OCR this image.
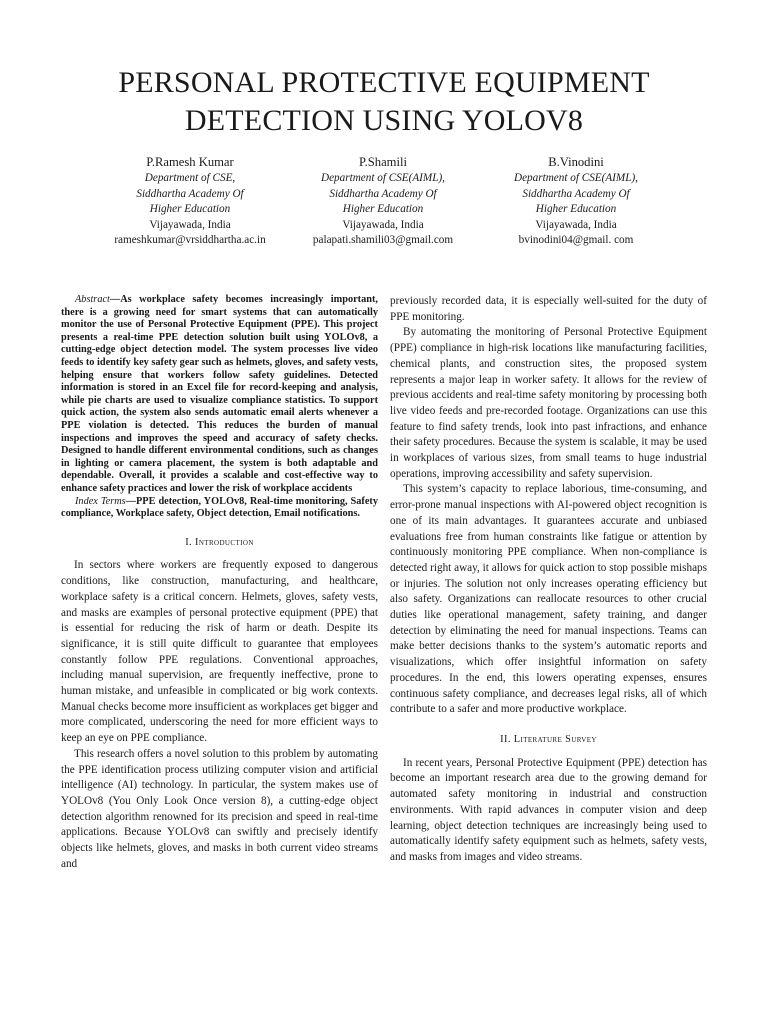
PERSONAL PROTECTIVE EQUIPMENT
DETECTION USING YOLOV8
P.Ramesh Kumar
Department of CSE,
Siddhartha Academy Of
Higher Education
Vijayawada, India
rameshkumar@vrsiddhartha.ac.in
P.Shamili
Department of CSE(AIML),
Siddhartha Academy Of
Higher Education
Vijayawada, India
palapati.shamili03@gmail.com
B.Vinodini
Department of CSE(AIML),
Siddhartha Academy Of
Higher Education
Vijayawada, India
bvinodini04@gmail. com

Abstract—As workplace safety becomes increasingly important, there is a growing need for smart systems that can automatically monitor the use of Personal Protective Equipment (PPE). This project presents a real-time PPE detection solution built using YOLOv8, a cutting-edge object detection model. The system processes live video feeds to identify key safety gear such as helmets, gloves, and safety vests, helping ensure that workers follow safety guidelines. Detected information is stored in an Excel file for record-keeping and analysis, while pie charts are used to visualize compliance statistics. To support quick action, the system also sends automatic email alerts whenever a PPE violation is detected. This reduces the burden of manual inspections and improves the speed and accuracy of safety checks. Designed to handle different environmental conditions, such as changes in lighting or camera placement, the system is both adaptable and dependable. Overall, it provides a scalable and cost-effective way to enhance safety practices and lower the risk of workplace accidents

Index Terms—PPE detection, YOLOv8, Real-time monitoring, Safety compliance, Workplace safety, Object detection, Email notifications.

I. Introduction

In sectors where workers are frequently exposed to dangerous conditions, like construction, manufacturing, and healthcare, workplace safety is a critical concern. Helmets, gloves, safety vests, and masks are examples of personal protective equipment (PPE) that is essential for reducing the risk of harm or death. Despite its significance, it is still quite difficult to guarantee that employees constantly follow PPE regulations. Conventional approaches, including manual supervision, are frequently ineffective, prone to human mistake, and unfeasible in complicated or big work contexts. Manual checks become more insufficient as workplaces get bigger and more complicated, underscoring the need for more efficient ways to keep an eye on PPE compliance.

This research offers a novel solution to this problem by automating the PPE identification process utilizing computer vision and artificial intelligence (AI) technology. In particular, the system makes use of YOLOv8 (You Only Look Once version 8), a cutting-edge object detection algorithm renowned for its precision and speed in real-time applications. Because YOLOv8 can swiftly and precisely identify objects like helmets, gloves, and masks in both current video streams and

previously recorded data, it is especially well-suited for the duty of PPE monitoring.

By automating the monitoring of Personal Protective Equipment (PPE) compliance in high-risk locations like manufacturing facilities, chemical plants, and construction sites, the proposed system represents a major leap in worker safety. It allows for the review of previous accidents and real-time safety monitoring by processing both live video feeds and pre-recorded footage. Organizations can use this feature to find safety trends, look into past infractions, and enhance their safety procedures. Because the system is scalable, it may be used in workplaces of various sizes, from small teams to huge industrial operations, improving accessibility and safety supervision.

This system’s capacity to replace laborious, time-consuming, and error-prone manual inspections with AI-powered object recognition is one of its main advantages. It guarantees accurate and unbiased evaluations free from human constraints like fatigue or attention by continuously monitoring PPE compliance. When non-compliance is detected right away, it allows for quick action to stop possible mishaps or injuries. The solution not only increases operating efficiency but also safety. Organizations can reallocate resources to other crucial duties like operational management, safety training, and danger detection by eliminating the need for manual inspections. Teams can make better decisions thanks to the system’s automatic reports and visualizations, which offer insightful information on safety procedures. In the end, this lowers operating expenses, ensures continuous safety compliance, and decreases legal risks, all of which contribute to a safer and more productive workplace.

II. Literature Survey

In recent years, Personal Protective Equipment (PPE) detection has become an important research area due to the growing demand for automated safety monitoring in industrial and construction environments. With rapid advances in computer vision and deep learning, object detection techniques are increasingly being used to automatically identify safety equipment such as helmets, safety vests, and masks from images and video streams.
